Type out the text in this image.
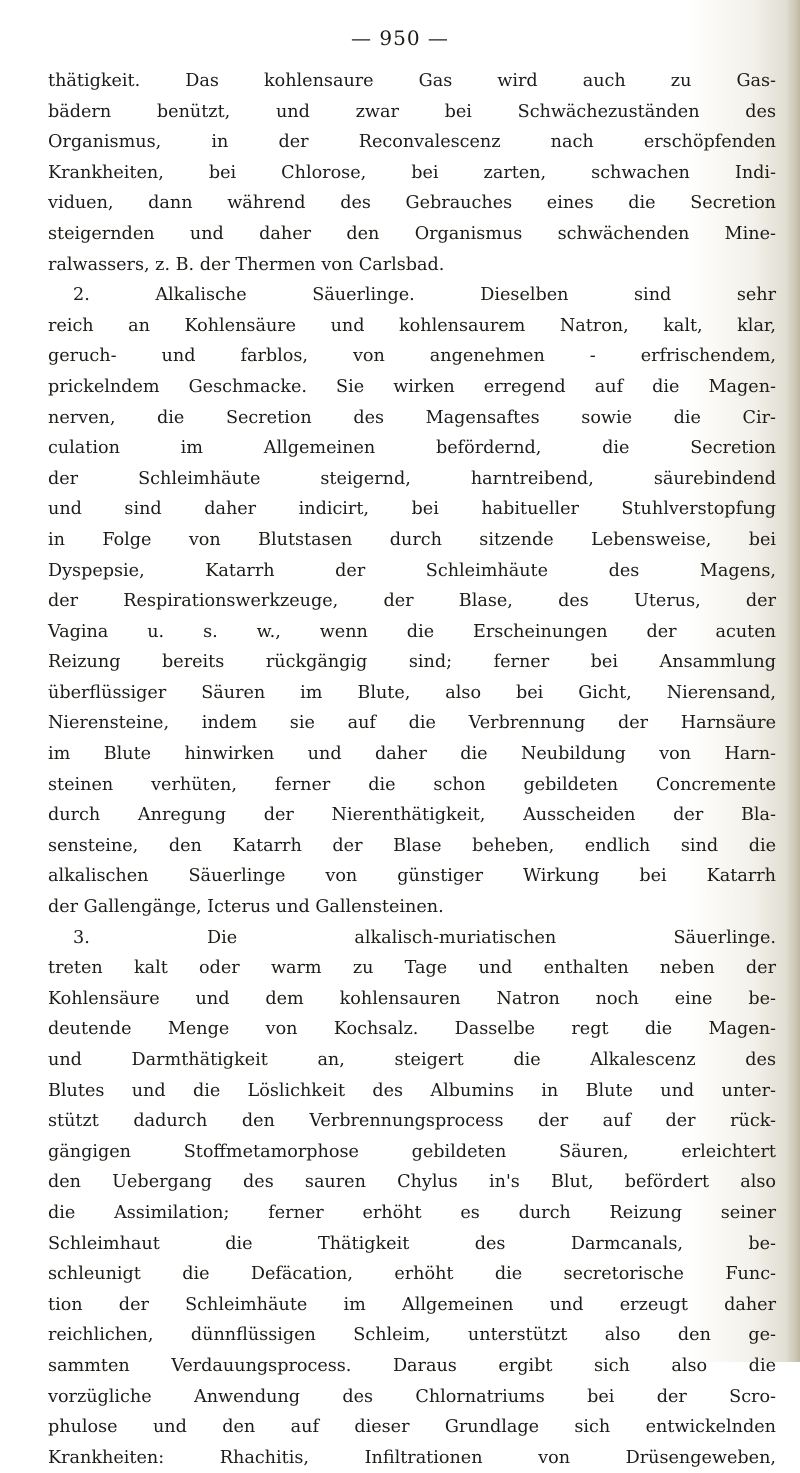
— 950 —
thätigkeit. Das kohlensaure Gas wird auch zu Gas-
bädern benützt, und zwar bei Schwächezuständen des
Organismus, in der Reconvalescenz nach erschöpfenden
Krankheiten, bei Chlorose, bei zarten, schwachen Indi-
viduen, dann während des Gebrauches eines die Secretion
steigernden und daher den Organismus schwächenden Mine-
ralwassers, z. B. der Thermen von Carlsbad.
2. Alkalische Säuerlinge. Dieselben sind sehr
reich an Kohlensäure und kohlensaurem Natron, kalt, klar,
geruch- und farblos, von angenehmen - erfrischendem,
prickelndem Geschmacke. Sie wirken erregend auf die Magen-
nerven, die Secretion des Magensaftes sowie die Cir-
culation im Allgemeinen befördernd, die Secretion
der Schleimhäute steigernd, harntreibend, säurebindend
und sind daher indicirt, bei habitueller Stuhlverstopfung
in Folge von Blutstasen durch sitzende Lebensweise, bei
Dyspepsie, Katarrh der Schleimhäute des Magens,
der Respirationswerkzeuge, der Blase, des Uterus, der
Vagina u. s. w., wenn die Erscheinungen der acuten
Reizung bereits rückgängig sind; ferner bei Ansammlung
überflüssiger Säuren im Blute, also bei Gicht, Nierensand,
Nierensteine, indem sie auf die Verbrennung der Harnsäure
im Blute hinwirken und daher die Neubildung von Harn-
steinen verhüten, ferner die schon gebildeten Concremente
durch Anregung der Nierenthätigkeit, Ausscheiden der Bla-
sensteine, den Katarrh der Blase beheben, endlich sind die
alkalischen Säuerlinge von günstiger Wirkung bei Katarrh
der Gallengänge, Icterus und Gallensteinen.
3. Die alkalisch-muriatischen Säuerlinge.
treten kalt oder warm zu Tage und enthalten neben der
Kohlensäure und dem kohlensauren Natron noch eine be-
deutende Menge von Kochsalz. Dasselbe regt die Magen-
und Darmthätigkeit an, steigert die Alkalescenz des
Blutes und die Löslichkeit des Albumins in Blute und unter-
stützt dadurch den Verbrennungsprocess der auf der rück-
gängigen Stoffmetamorphose gebildeten Säuren, erleichtert
den Uebergang des sauren Chylus in's Blut, befördert also
die Assimilation; ferner erhöht es durch Reizung seiner
Schleimhaut die Thätigkeit des Darmcanals, be-
schleunigt die Defäcation, erhöht die secretorische Func-
tion der Schleimhäute im Allgemeinen und erzeugt daher
reichlichen, dünnflüssigen Schleim, unterstützt also den ge-
sammten Verdauungsprocess. Daraus ergibt sich also die
vorzügliche Anwendung des Chlornatriums bei der Scro-
phulose und den auf dieser Grundlage sich entwickelnden
Krankheiten: Rhachitis, Infiltrationen von Drüsengeweben,
